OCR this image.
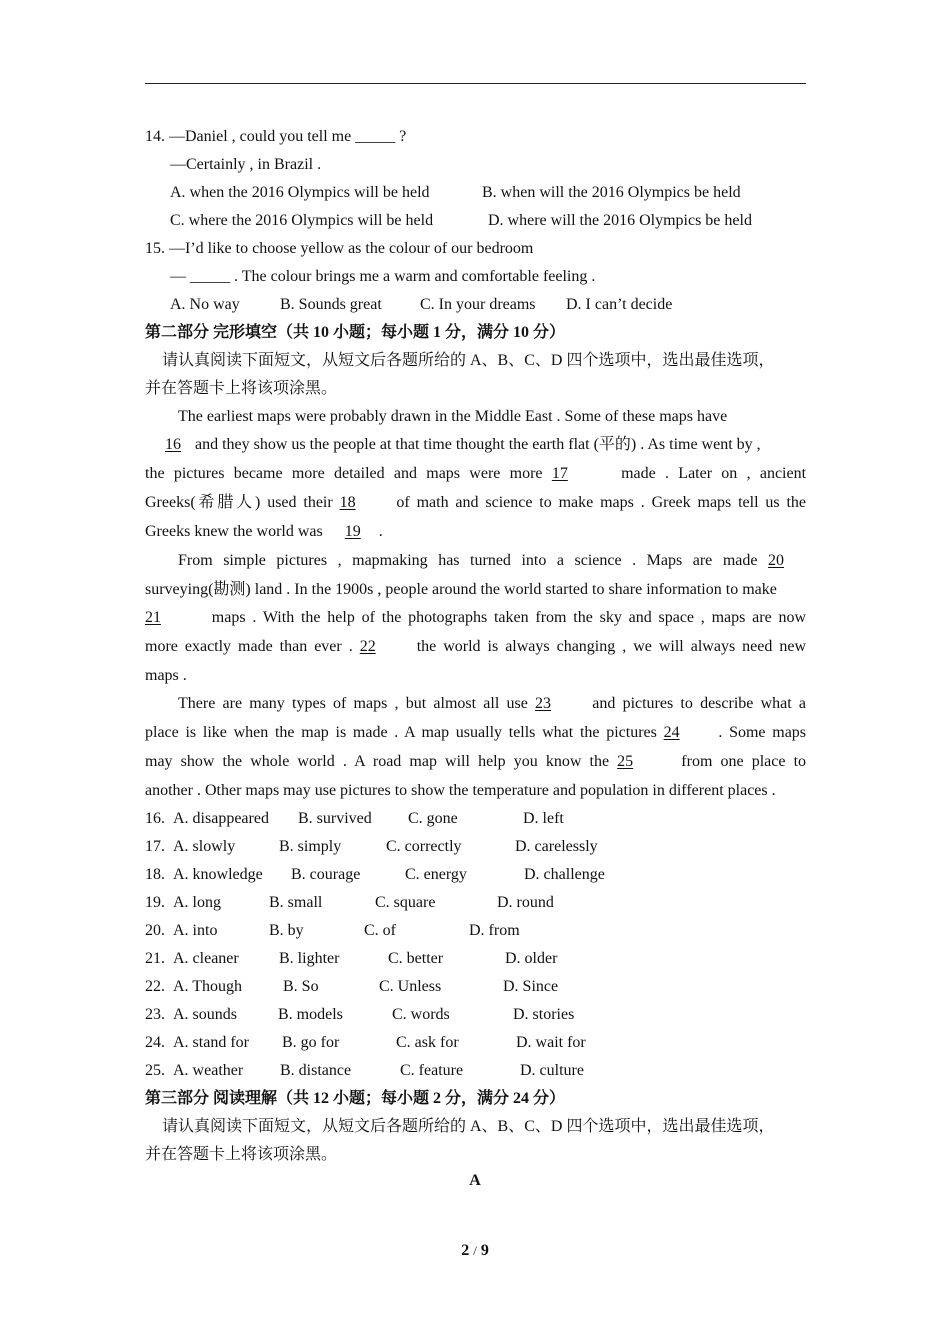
14. —Daniel , could you tell me _____ ?
—Certainly , in Brazil .
A. when the 2016 Olympics will be held	B. when will the 2016 Olympics be held
C. where the 2016 Olympics will be held	D. where will the 2016 Olympics be held
15. —I’d like to choose yellow as the colour of our bedroom
— _____ . The colour brings me a warm and comfortable feeling .
A. No way	B. Sounds great C. In your dreams D. I can’t decide
第二部分 完形填空（共 10 小题；每小题 1 分，满分 10 分）
请认真阅读下面短文，从短文后各题所给的 A、B、C、D 四个选项中，选出最佳选项，
并在答题卡上将该项涂黑。
The earliest maps were probably drawn in the Middle East . Some of these maps have
16 and they show us the people at that time thought the earth flat (平的) . As time went by ,
the pictures became more detailed and maps were more 17	made . Later on , ancient
Greeks(希腊人) used their 18	of math and science to make maps . Greek maps tell us the
Greeks knew the world was 19 .
From simple pictures , mapmaking has turned into a science . Maps are made 20
surveying(勘测) land . In the 1900s , people around the world started to share information to make
21	maps . With the help of the photographs taken from the sky and space , maps are now
more exactly made than ever . 22	the world is always changing , we will always need new
maps .
There are many types of maps , but almost all use 23	and pictures to describe what a
place is like when the map is made . A map usually tells what the pictures 24 . Some maps
may show the whole world . A road map will help you know the 25	from one place to
another . Other maps may use pictures to show the temperature and population in different places .
16. A. disappeared B. survived C. gone	D. left
17. A. slowly	B. simply	C. correctly	D. carelessly
18. A. knowledge B. courage	C. energy	D. challenge
19. A. long	B. small	C. square	D. round
20. A. into	B. by	C. of	D. from
21. A. cleaner	B. lighter	C. better	D. older
22. A. Though	B. So	C. Unless	D. Since
23. A. sounds	B. models	C. words	D. stories
24. A. stand for B. go for	C. ask for	D. wait for
25. A. weather B. distance	C. feature	D. culture
第三部分 阅读理解（共 12 小题；每小题 2 分，满分 24 分）
请认真阅读下面短文，从短文后各题所给的 A、B、C、D 四个选项中，选出最佳选项，
并在答题卡上将该项涂黑。
A
2 / 9
